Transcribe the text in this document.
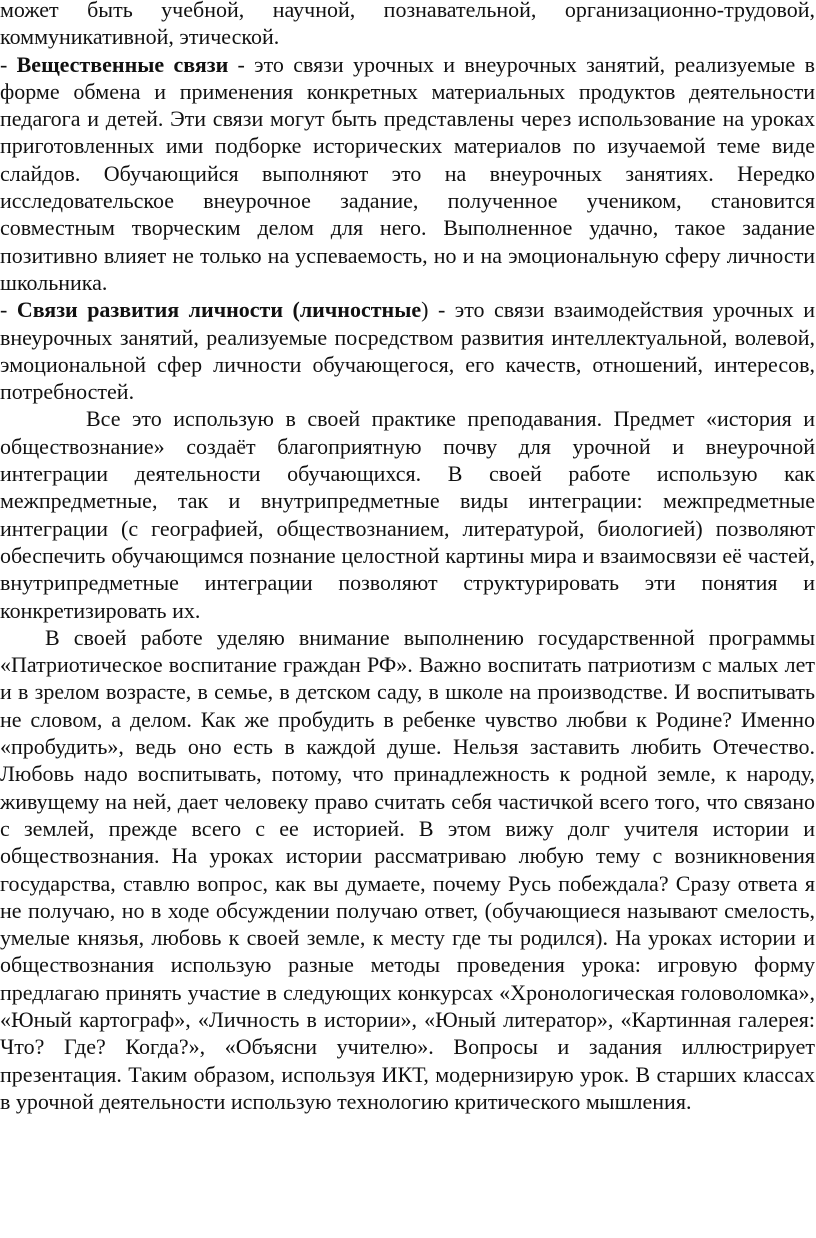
может быть учебной, научной, познавательной, организационно-трудовой, коммуникативной, этической.

- Вещественные связи - это связи урочных и внеурочных занятий, реализуемые в форме обмена и применения конкретных материальных продуктов деятельности педагога и детей. Эти связи могут быть представлены через использование на уроках приготовленных ими подборке исторических материалов по изучаемой теме виде слайдов. Обучающийся выполняют это на внеурочных занятиях. Нередко исследовательское внеурочное задание, полученное учеником, становится совместным творческим делом для него. Выполненное удачно, такое задание позитивно влияет не только на успеваемость, но и на эмоциональную сферу личности школьника.

- Связи развития личности (личностные) - это связи взаимодействия урочных и внеурочных занятий, реализуемые посредством развития интеллектуальной, волевой, эмоциональной сфер личности обучающегося, его качеств, отношений, интересов, потребностей.

Все это использую в своей практике преподавания. Предмет «история и обществознание» создаёт благоприятную почву для урочной и внеурочной интеграции деятельности обучающихся. В своей работе использую как межпредметные, так и внутрипредметные виды интеграции: межпредметные интеграции (с географией, обществознанием, литературой, биологией) позволяют обеспечить обучающимся познание целостной картины мира и взаимосвязи её частей, внутрипредметные интеграции позволяют структурировать эти понятия и конкретизировать их.

В своей работе уделяю внимание выполнению государственной программы «Патриотическое воспитание граждан РФ». Важно воспитать патриотизм с малых лет и в зрелом возрасте, в семье, в детском саду, в школе на производстве. И воспитывать не словом, а делом. Как же пробудить в ребенке чувство любви к Родине? Именно «пробудить», ведь оно есть в каждой душе. Нельзя заставить любить Отечество. Любовь надо воспитывать, потому, что принадлежность к родной земле, к народу, живущему на ней, дает человеку право считать себя частичкой всего того, что связано с землей, прежде всего с ее историей. В этом вижу долг учителя истории и обществознания. На уроках истории рассматриваю любую тему с возникновения государства, ставлю вопрос, как вы думаете, почему Русь побеждала? Сразу ответа я не получаю, но в ходе обсуждении получаю ответ, (обучающиеся называют смелость, умелые князья, любовь к своей земле, к месту где ты родился). На уроках истории и обществознания использую разные методы проведения урока: игровую форму предлагаю принять участие в следующих конкурсах «Хронологическая головоломка», «Юный картограф», «Личность в истории», «Юный литератор», «Картинная галерея: Что? Где? Когда?», «Объясни учителю». Вопросы и задания иллюстрирует презентация. Таким образом, используя ИКТ, модернизирую урок. В старших классах в урочной деятельности использую технологию критического мышления.
